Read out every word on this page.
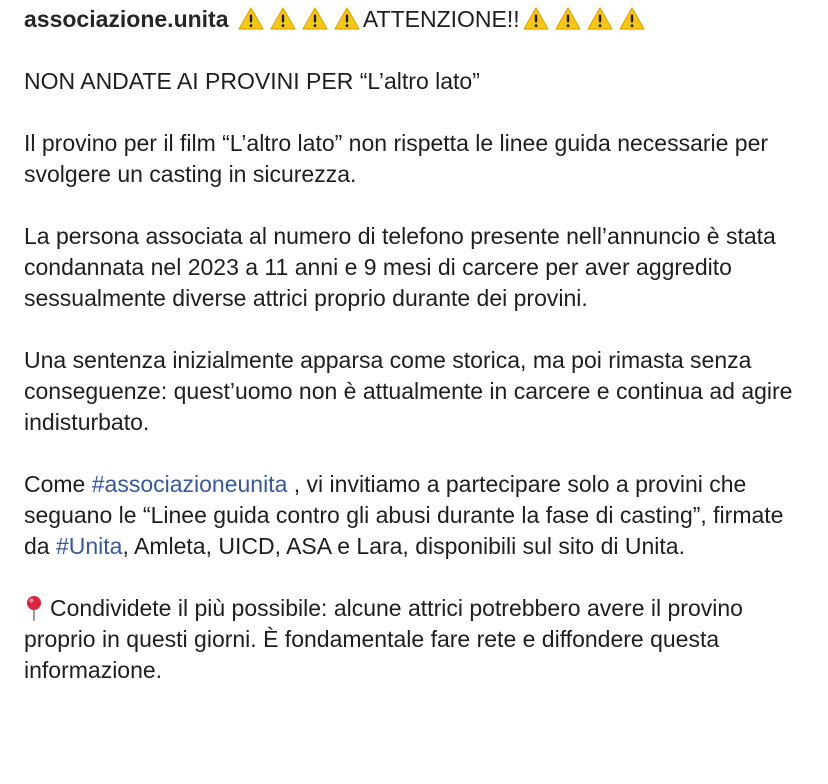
associazione.unita	ATTENZIONE!!

NON ANDATE AI PROVINI PER “L’altro lato”

Il provino per il film “L’altro lato” non rispetta le linee guida necessarie per svolgere un casting in sicurezza.

La persona associata al numero di telefono presente nell’annuncio è stata condannata nel 2023 a 11 anni e 9 mesi di carcere per aver aggredito sessualmente diverse attrici proprio durante dei provini.

Una sentenza inizialmente apparsa come storica, ma poi rimasta senza conseguenze: quest’uomo non è attualmente in carcere e continua ad agire indisturbato.

Come #associazioneunita , vi invitiamo a partecipare solo a provini che seguano le “Linee guida contro gli abusi durante la fase di casting”, firmate da #Unita, Amleta, UICD, ASA e Lara, disponibili sul sito di Unita.

Condividete il più possibile: alcune attrici potrebbero avere il provino proprio in questi giorni. È fondamentale fare rete e diffondere questa informazione.
